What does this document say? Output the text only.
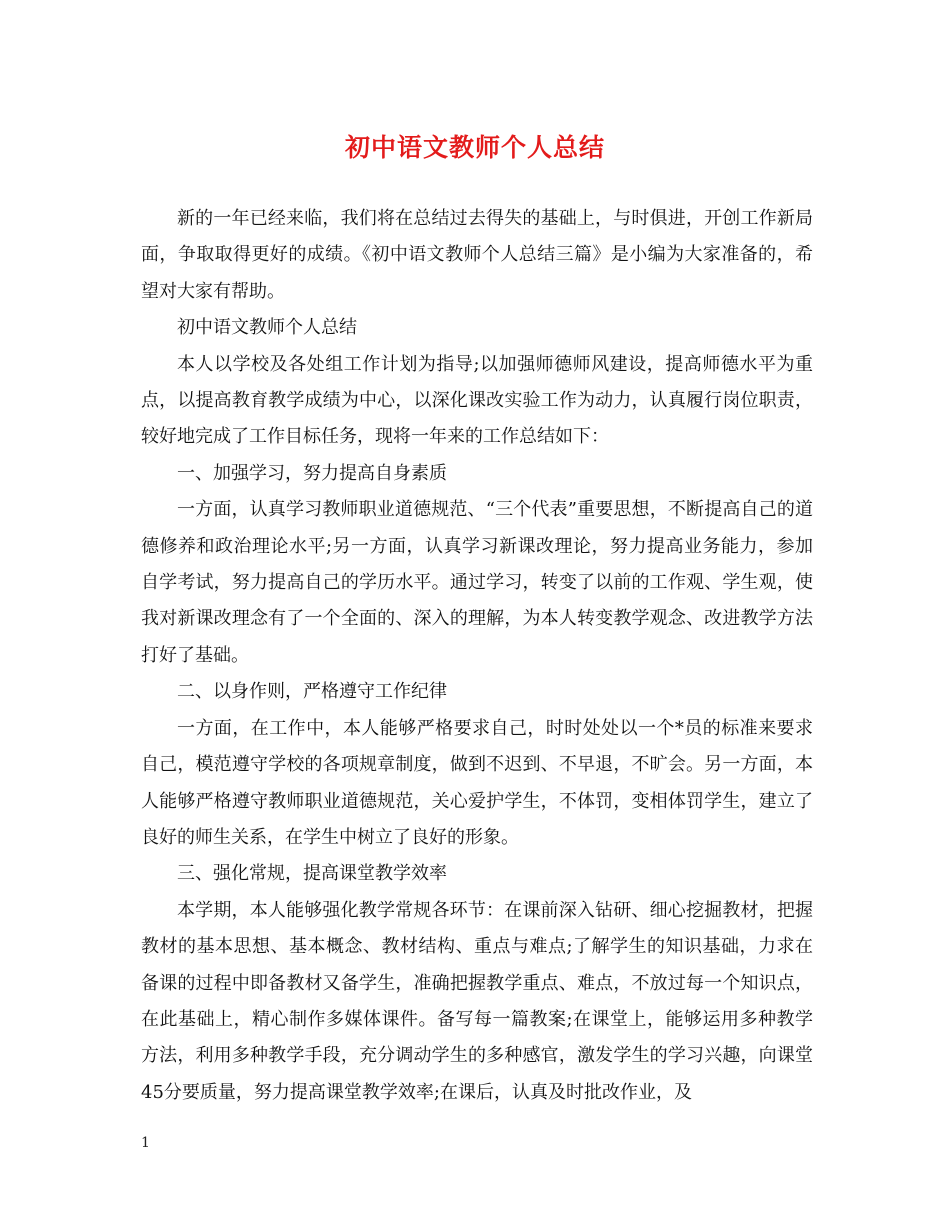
初中语文教师个人总结

新的一年已经来临，我们将在总结过去得失的基础上，与时俱进，开创工作新局面，争取取得更好的成绩。《初中语文教师个人总结三篇》是小编为大家准备的，希望对大家有帮助。

初中语文教师个人总结

本人以学校及各处组工作计划为指导;以加强师德师风建设，提高师德水平为重点，以提高教育教学成绩为中心，以深化课改实验工作为动力，认真履行岗位职责，较好地完成了工作目标任务，现将一年来的工作总结如下：

一、加强学习，努力提高自身素质

一方面，认真学习教师职业道德规范、“三个代表”重要思想，不断提高自己的道德修养和政治理论水平;另一方面，认真学习新课改理论，努力提高业务能力，参加自学考试，努力提高自己的学历水平。通过学习，转变了以前的工作观、学生观，使我对新课改理念有了一个全面的、深入的理解，为本人转变教学观念、改进教学方法打好了基础。

二、以身作则，严格遵守工作纪律

一方面，在工作中，本人能够严格要求自己，时时处处以一个*员的标准来要求自己，模范遵守学校的各项规章制度，做到不迟到、不早退，不旷会。另一方面，本人能够严格遵守教师职业道德规范，关心爱护学生，不体罚，变相体罚学生，建立了良好的师生关系，在学生中树立了良好的形象。

三、强化常规，提高课堂教学效率

本学期，本人能够强化教学常规各环节：在课前深入钻研、细心挖掘教材，把握教材的基本思想、基本概念、教材结构、重点与难点;了解学生的知识基础，力求在备课的过程中即备教材又备学生，准确把握教学重点、难点，不放过每一个知识点，在此基础上，精心制作多媒体课件。备写每一篇教案;在课堂上，能够运用多种教学方法，利用多种教学手段，充分调动学生的多种感官，激发学生的学习兴趣，向课堂45分要质量，努力提高课堂教学效率;在课后，认真及时批改作业，及

1
